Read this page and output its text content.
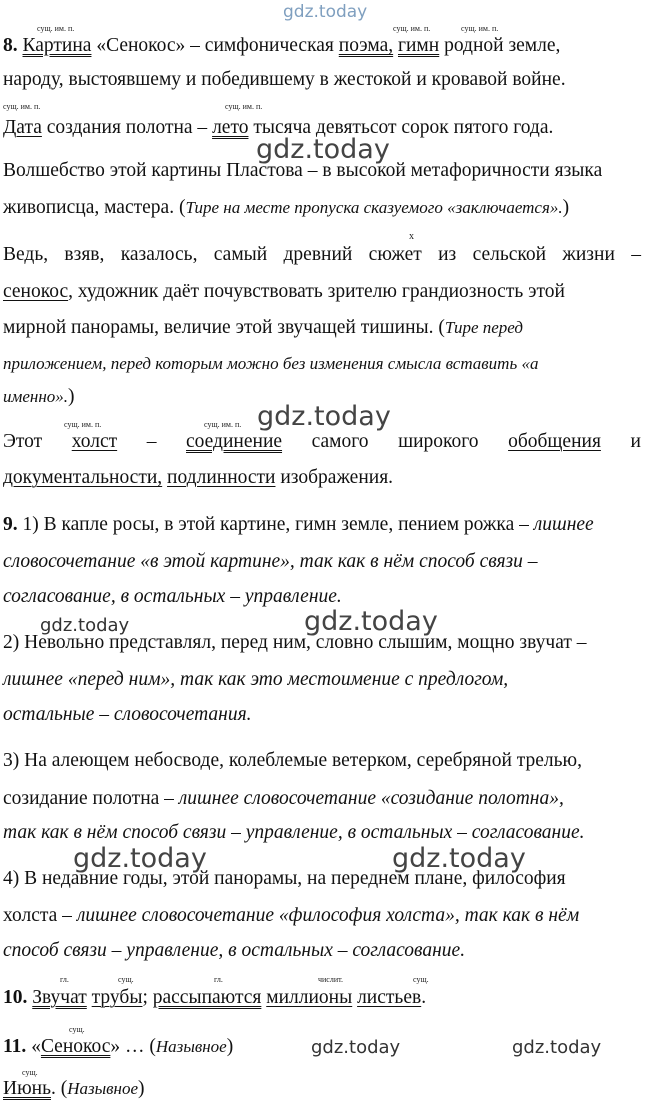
gdz.today
gdz.today
gdz.today
gdz.today	gdz.today
gdz.today	gdz.today
gdz.today	gdz.today
сущ. им. п.	сущ. им. п.	сущ. им. п.
8. Картина «Сенокос» – симфоническая поэма, гимн родной земле,
народу, выстоявшему и победившему в жестокой и кровавой войне.
сущ. им. п.	сущ. им. п.
Дата создания полотна – лето тысяча девятьсот сорок пятого года.
Волшебство этой картины Пластова – в высокой метафоричности языка
живописца, мастера. (Тире на месте пропуска сказуемого «заключается».)
x
Ведь, взяв, казалось, самый древний сюжет из сельской жизни –
сенокос, художник даёт почувствовать зрителю грандиозность этой
мирной панорамы, величие этой звучащей тишины. (Тире перед
приложением, перед которым можно без изменения смысла вставить «а
именно».)
сущ. им. п.	сущ. им. п.
Этот холст – соединение самого широкого обобщения и
документальности, подлинности изображения.
9. 1) В капле росы, в этой картине, гимн земле, пением рожка – лишнее
словосочетание «в этой картине», так как в нём способ связи –
согласование, в остальных – управление.
2) Невольно представлял, перед ним, словно слышим, мощно звучат –
лишнее «перед ним», так как это местоимение с предлогом,
остальные – словосочетания.
3) На алеющем небосводе, колеблемые ветерком, серебряной трелью,
созидание полотна – лишнее словосочетание «созидание полотна»,
так как в нём способ связи – управление, в остальных – согласование.
4) В недавние годы, этой панорамы, на переднем плане, философия
холста – лишнее словосочетание «философия холста», так как в нём
способ связи – управление, в остальных – согласование.
гл.	сущ.	гл.	числит.	сущ.
10. Звучат трубы; рассыпаются миллионы листьев.
сущ.
11. «Сенокос» … (Назывное)
сущ.
Июнь. (Назывное)
